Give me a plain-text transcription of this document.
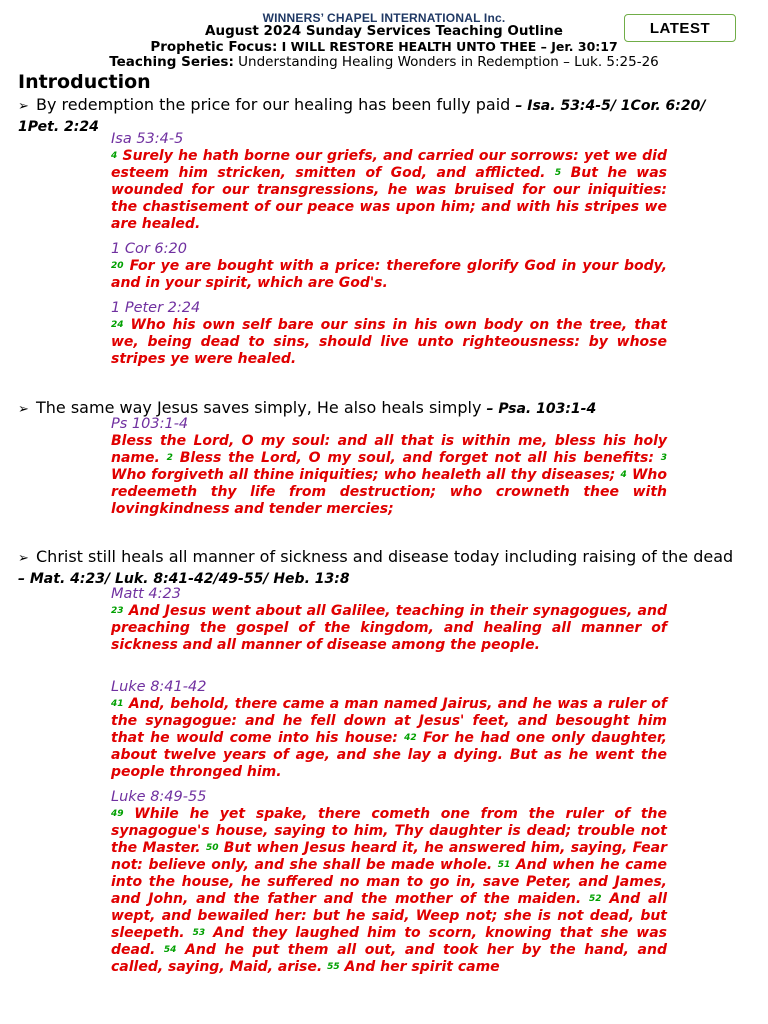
WINNERS’ CHAPEL INTERNATIONAL Inc.
August 2024 Sunday Services Teaching Outline
Prophetic Focus: I WILL RESTORE HEALTH UNTO THEE – Jer. 30:17
Teaching Series: Understanding Healing Wonders in Redemption – Luk. 5:25-26
LATEST
Introduction
➢ By redemption the price for our healing has been fully paid – Isa. 53:4-5/ 1Cor. 6:20/ 1Pet. 2:24
Isa 53:4-5

$^4$ Surely he hath borne our griefs, and carried our sorrows: yet we did esteem him stricken, smitten of God, and afflicted. $^5$ But he was wounded for our transgressions, he was bruised for our iniquities: the chastisement of our peace was upon him; and with his stripes we are healed.

1 Cor 6:20

$^{20}$ For ye are bought with a price: therefore glorify God in your body, and in your spirit, which are God's.

1 Peter 2:24

$^{24}$ Who his own self bare our sins in his own body on the tree, that we, being dead to sins, should live unto righteousness: by whose stripes ye were healed.

➢ The same way Jesus saves simply, He also heals simply – Psa. 103:1-4
Ps 103:1-4

Bless the Lord, O my soul: and all that is within me, bless his holy name. $^2$ Bless the Lord, O my soul, and forget not all his benefits: $^3$ Who forgiveth all thine iniquities; who healeth all thy diseases; $^4$ Who redeemeth thy life from destruction; who crowneth thee with lovingkindness and tender mercies;

➢ Christ still heals all manner of sickness and disease today including raising of the dead – Mat. 4:23/ Luk. 8:41-42/49-55/ Heb. 13:8
Matt 4:23

$^{23}$ And Jesus went about all Galilee, teaching in their synagogues, and preaching the gospel of the kingdom, and healing all manner of sickness and all manner of disease among the people.

Luke 8:41-42

$^{41}$ And, behold, there came a man named Jairus, and he was a ruler of the synagogue: and he fell down at Jesus' feet, and besought him that he would come into his house: $^{42}$ For he had one only daughter, about twelve years of age, and she lay a dying. But as he went the people thronged him.

Luke 8:49-55

$^{49}$ While he yet spake, there cometh one from the ruler of the synagogue's house, saying to him, Thy daughter is dead; trouble not the Master. $^{50}$ But when Jesus heard it, he answered him, saying, Fear not: believe only, and she shall be made whole. $^{51}$ And when he came into the house, he suffered no man to go in, save Peter, and James, and John, and the father and the mother of the maiden. $^{52}$ And all wept, and bewailed her: but he said, Weep not; she is not dead, but sleepeth. $^{53}$ And they laughed him to scorn, knowing that she was dead. $^{54}$ And he put them all out, and took her by the hand, and called, saying, Maid, arise. $^{55}$ And her spirit came
